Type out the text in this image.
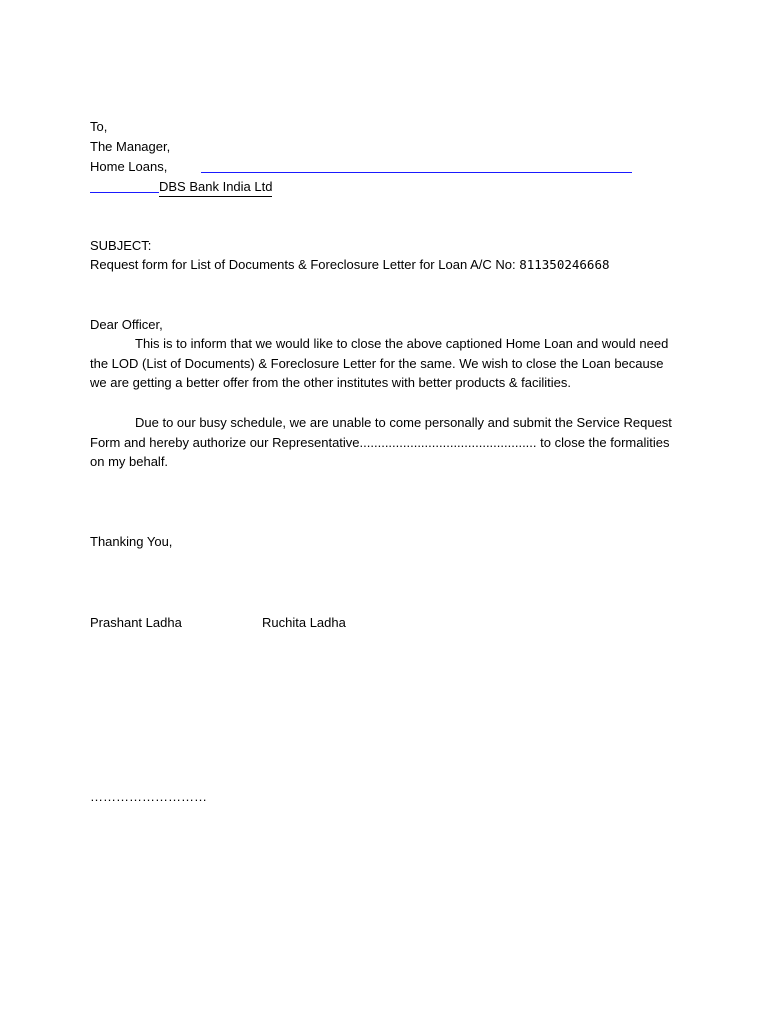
To,
The Manager,
Home Loans,
DBS Bank India Ltd
SUBJECT:
Request form for List of Documents & Foreclosure Letter for Loan A/C No: 811350246668
Dear Officer,
This is to inform that we would like to close the above captioned Home Loan and would need the LOD (List of Documents) & Foreclosure Letter for the same. We wish to close the Loan because we are getting a better offer from the other institutes with better products & facilities.
Due to our busy schedule, we are unable to come personally and submit the Service Request Form and hereby authorize our Representative................................................. to close the formalities on my behalf.
Thanking You,
Prashant Ladha	Ruchita Ladha
………………………
